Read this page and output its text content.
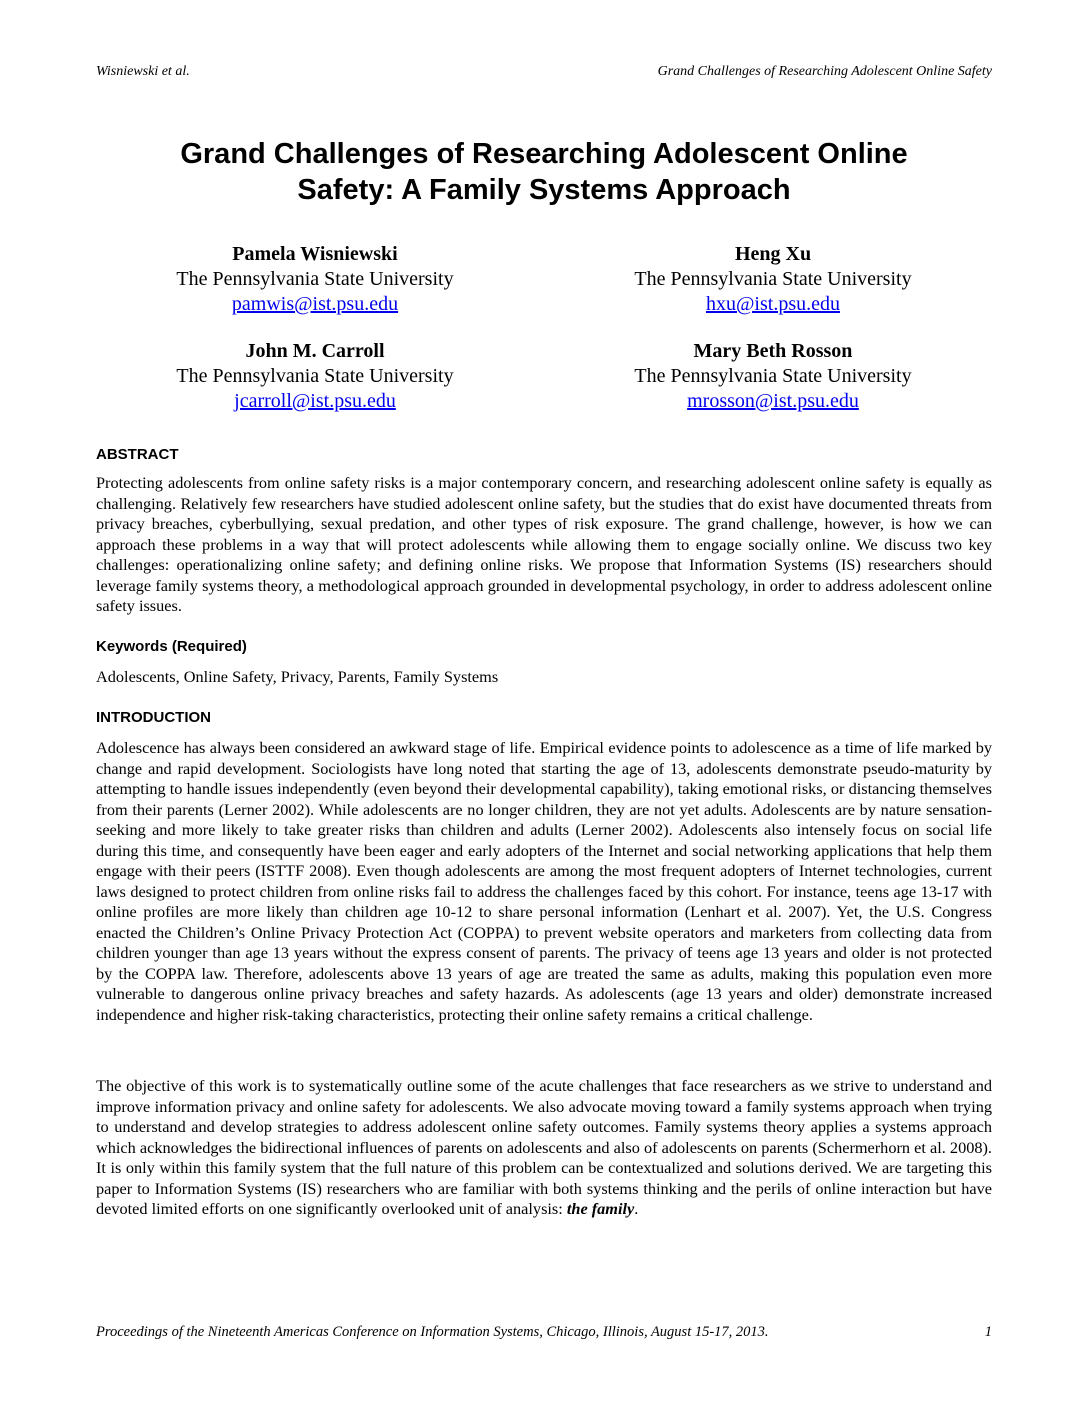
Wisniewski et al.	Grand Challenges of Researching Adolescent Online Safety
Grand Challenges of Researching Adolescent Online
Safety: A Family Systems Approach
Pamela Wisniewski
The Pennsylvania State University
pamwis@ist.psu.edu
Heng Xu
The Pennsylvania State University
hxu@ist.psu.edu
John M. Carroll
The Pennsylvania State University
jcarroll@ist.psu.edu
Mary Beth Rosson
The Pennsylvania State University
mrosson@ist.psu.edu
ABSTRACT

Protecting adolescents from online safety risks is a major contemporary concern, and researching adolescent online safety is equally as challenging. Relatively few researchers have studied adolescent online safety, but the studies that do exist have documented threats from privacy breaches, cyberbullying, sexual predation, and other types of risk exposure. The grand challenge, however, is how we can approach these problems in a way that will protect adolescents while allowing them to engage socially online. We discuss two key challenges: operationalizing online safety; and defining online risks. We propose that Information Systems (IS) researchers should leverage family systems theory, a methodological approach grounded in developmental psychology, in order to address adolescent online safety issues.

Keywords (Required)

Adolescents, Online Safety, Privacy, Parents, Family Systems

INTRODUCTION

Adolescence has always been considered an awkward stage of life. Empirical evidence points to adolescence as a time of life marked by change and rapid development. Sociologists have long noted that starting the age of 13, adolescents demonstrate pseudo-maturity by attempting to handle issues independently (even beyond their developmental capability), taking emotional risks, or distancing themselves from their parents (Lerner 2002). While adolescents are no longer children, they are not yet adults. Adolescents are by nature sensation-seeking and more likely to take greater risks than children and adults (Lerner 2002). Adolescents also intensely focus on social life during this time, and consequently have been eager and early adopters of the Internet and social networking applications that help them engage with their peers (ISTTF 2008). Even though adolescents are among the most frequent adopters of Internet technologies, current laws designed to protect children from online risks fail to address the challenges faced by this cohort. For instance, teens age 13-17 with online profiles are more likely than children age 10-12 to share personal information (Lenhart et al. 2007). Yet, the U.S. Congress enacted the Children’s Online Privacy Protection Act (COPPA) to prevent website operators and marketers from collecting data from children younger than age 13 years without the express consent of parents. The privacy of teens age 13 years and older is not protected by the COPPA law. Therefore, adolescents above 13 years of age are treated the same as adults, making this population even more vulnerable to dangerous online privacy breaches and safety hazards. As adolescents (age 13 years and older) demonstrate increased independence and higher risk-taking characteristics, protecting their online safety remains a critical challenge.

The objective of this work is to systematically outline some of the acute challenges that face researchers as we strive to understand and improve information privacy and online safety for adolescents. We also advocate moving toward a family systems approach when trying to understand and develop strategies to address adolescent online safety outcomes. Family systems theory applies a systems approach which acknowledges the bidirectional influences of parents on adolescents and also of adolescents on parents (Schermerhorn et al. 2008). It is only within this family system that the full nature of this problem can be contextualized and solutions derived. We are targeting this paper to Information Systems (IS) researchers who are familiar with both systems thinking and the perils of online interaction but have devoted limited efforts on one significantly overlooked unit of analysis: the family.

Proceedings of the Nineteenth Americas Conference on Information Systems, Chicago, Illinois, August 15-17, 2013.	1
